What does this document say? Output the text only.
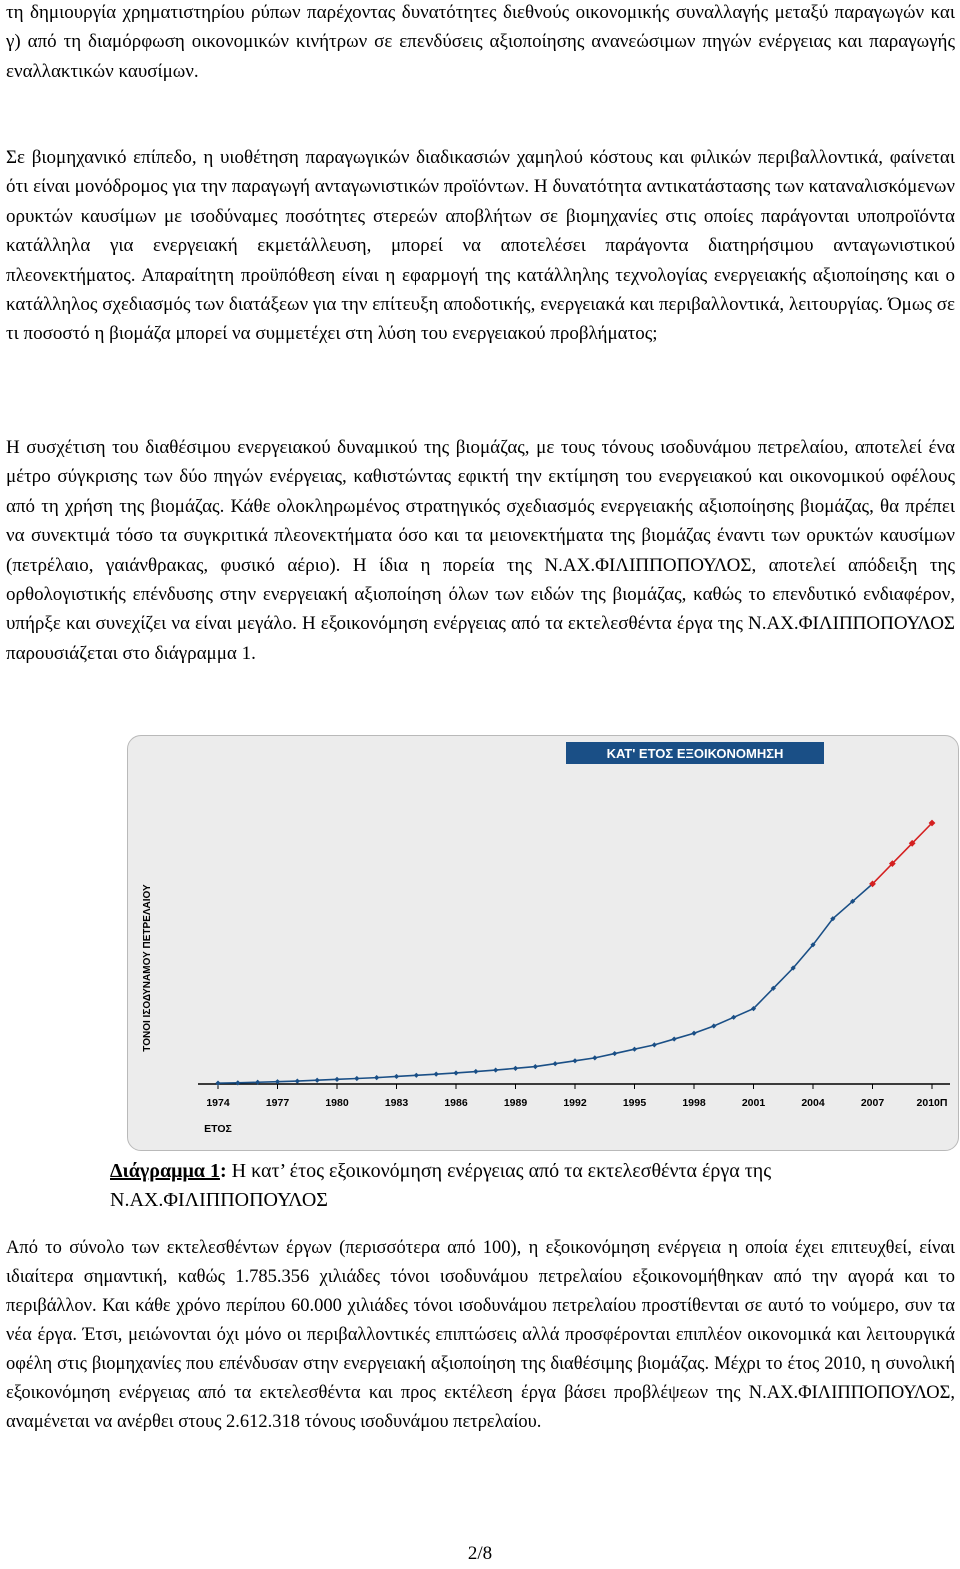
τη δημιουργία χρηματιστηρίου ρύπων παρέχοντας δυνατότητες διεθνούς οικονομικής συναλλαγής μεταξύ παραγωγών και γ) από τη διαμόρφωση οικονομικών κινήτρων σε επενδύσεις αξιοποίησης ανανεώσιμων πηγών ενέργειας και παραγωγής εναλλακτικών καυσίμων.

Σε βιομηχανικό επίπεδο, η υιοθέτηση παραγωγικών διαδικασιών χαμηλού κόστους και φιλικών περιβαλλοντικά, φαίνεται ότι είναι μονόδρομος για την παραγωγή ανταγωνιστικών προϊόντων. Η δυνατότητα αντικατάστασης των καταναλισκόμενων ορυκτών καυσίμων με ισοδύναμες ποσότητες στερεών αποβλήτων σε βιομηχανίες στις οποίες παράγονται υποπροϊόντα κατάλληλα για ενεργειακή εκμετάλλευση, μπορεί να αποτελέσει παράγοντα διατηρήσιμου ανταγωνιστικού πλεονεκτήματος. Απαραίτητη προϋπόθεση είναι η εφαρμογή της κατάλληλης τεχνολογίας ενεργειακής αξιοποίησης και ο κατάλληλος σχεδιασμός των διατάξεων για την επίτευξη αποδοτικής, ενεργειακά και περιβαλλοντικά, λειτουργίας. Όμως σε τι ποσοστό η βιομάζα μπορεί να συμμετέχει στη λύση του ενεργειακού προβλήματος;

Η συσχέτιση του διαθέσιμου ενεργειακού δυναμικού της βιομάζας, με τους τόνους ισοδυνάμου πετρελαίου, αποτελεί ένα μέτρο σύγκρισης των δύο πηγών ενέργειας, καθιστώντας εφικτή την εκτίμηση του ενεργειακού και οικονομικού οφέλους από τη χρήση της βιομάζας. Κάθε ολοκληρωμένος στρατηγικός σχεδιασμός ενεργειακής αξιοποίησης βιομάζας, θα πρέπει να συνεκτιμά τόσο τα συγκριτικά πλεονεκτήματα όσο και τα μειονεκτήματα της βιομάζας έναντι των ορυκτών καυσίμων (πετρέλαιο, γαιάνθρακας, φυσικό αέριο). Η ίδια η πορεία της Ν.ΑΧ.ΦΙΛΙΠΠΟΠΟΥΛΟΣ, αποτελεί απόδειξη της ορθολογιστικής επένδυσης στην ενεργειακή αξιοποίηση όλων των ειδών της βιομάζας, καθώς το επενδυτικό ενδιαφέρον, υπήρξε και συνεχίζει να είναι μεγάλο. Η εξοικονόμηση ενέργειας από τα εκτελεσθέντα έργα της Ν.ΑΧ.ΦΙΛΙΠΠΟΠΟΥΛΟΣ παρουσιάζεται στο διάγραμμα 1.

ΚΑΤ' ΕΤΟΣ ΕΞΟΙΚΟΝΟΜΗΣΗ
ΤΟΝΟΙ ΙΣΟΔΥΝΑΜΟΥ ΠΕΤΡΕΛΑΙΟΥ
1974	1977	1980	1983	1986	1989	1992	1995	1998	2001	2004	2007	2010Π
ΕΤΟΣ

Διάγραμμα 1: Η κατ’ έτος εξοικονόμηση ενέργειας από τα εκτελεσθέντα έργα της Ν.ΑΧ.ΦΙΛΙΠΠΟΠΟΥΛΟΣ

Από το σύνολο των εκτελεσθέντων έργων (περισσότερα από 100), η εξοικονόμηση ενέργεια η οποία έχει επιτευχθεί, είναι ιδιαίτερα σημαντική, καθώς 1.785.356 χιλιάδες τόνοι ισοδυνάμου πετρελαίου εξοικονομήθηκαν από την αγορά και το περιβάλλον. Και κάθε χρόνο περίπου 60.000 χιλιάδες τόνοι ισοδυνάμου πετρελαίου προστίθενται σε αυτό το νούμερο, συν τα νέα έργα. Έτσι, μειώνονται όχι μόνο οι περιβαλλοντικές επιπτώσεις αλλά προσφέρονται επιπλέον οικονομικά και λειτουργικά οφέλη στις βιομηχανίες που επένδυσαν στην ενεργειακή αξιοποίηση της διαθέσιμης βιομάζας. Μέχρι το έτος 2010, η συνολική εξοικονόμηση ενέργειας από τα εκτελεσθέντα και προς εκτέλεση έργα βάσει προβλέψεων της Ν.ΑΧ.ΦΙΛΙΠΠΟΠΟΥΛΟΣ, αναμένεται να ανέρθει στους 2.612.318 τόνους ισοδυνάμου πετρελαίου.

2/8
